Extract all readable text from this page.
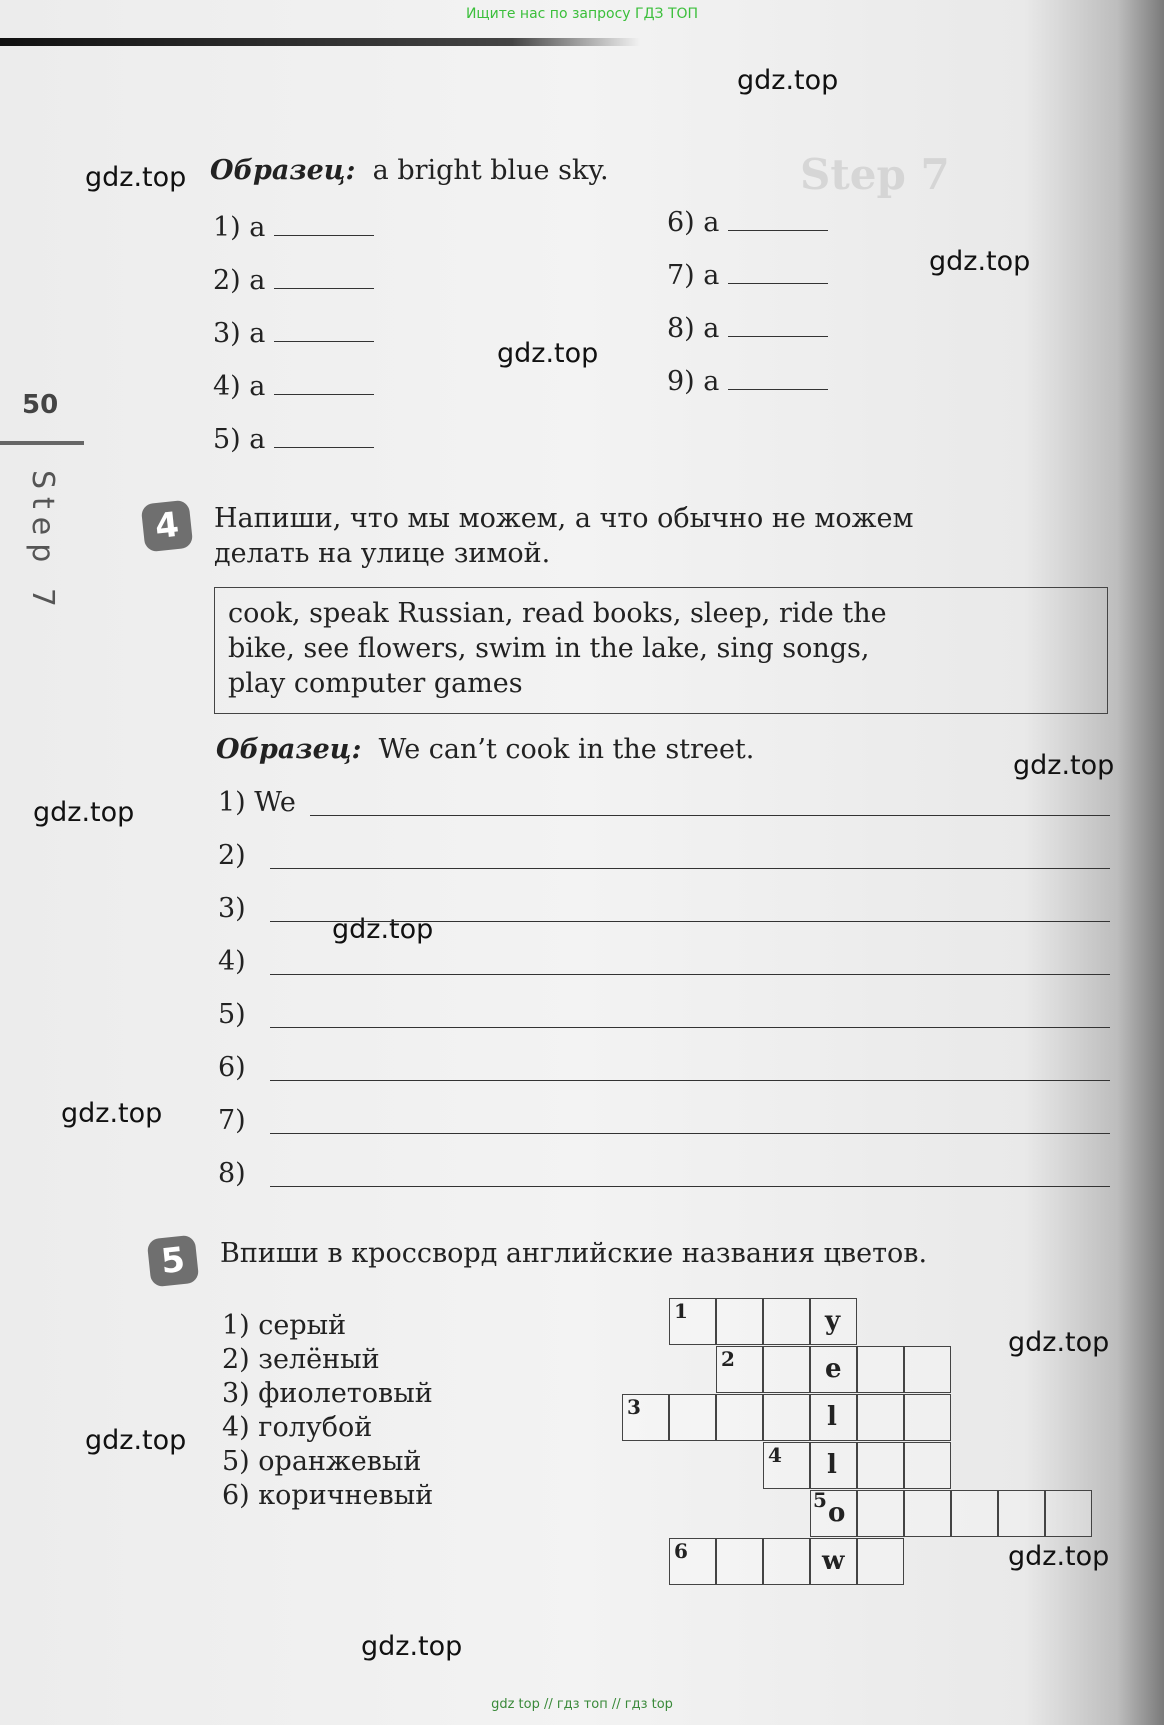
Ищите нас по запросу ГДЗ ТОП
Step 7
gdz.top
gdz.top
gdz.top
gdz.top
gdz.top
gdz.top
gdz.top
gdz.top
gdz.top
gdz.top
gdz.top
gdz.top
50
Step 7
Образец: a bright blue sky.
1) a
2) a
3) a
4) a
5) a
6) a
7) a
8) a
9) a
4	Напиши, что мы можем, а что обычно не можем
делать на улице зимой.
cook, speak Russian, read books, sleep, ride the
bike, see flowers, swim in the lake, sing songs,
play computer games
Образец: We can’t cook in the street.
1) We
2)
3)
4)
5)
6)
7)
8)
5	Впиши в кроссворд английские названия цветов.
1) серый
2) зелёный
3) фиолетовый
4) голубой
5) оранжевый
6) коричневый
1
2
3
4
5
6
y
e
l
l
o
w
gdz top // гдз топ // гдз top
